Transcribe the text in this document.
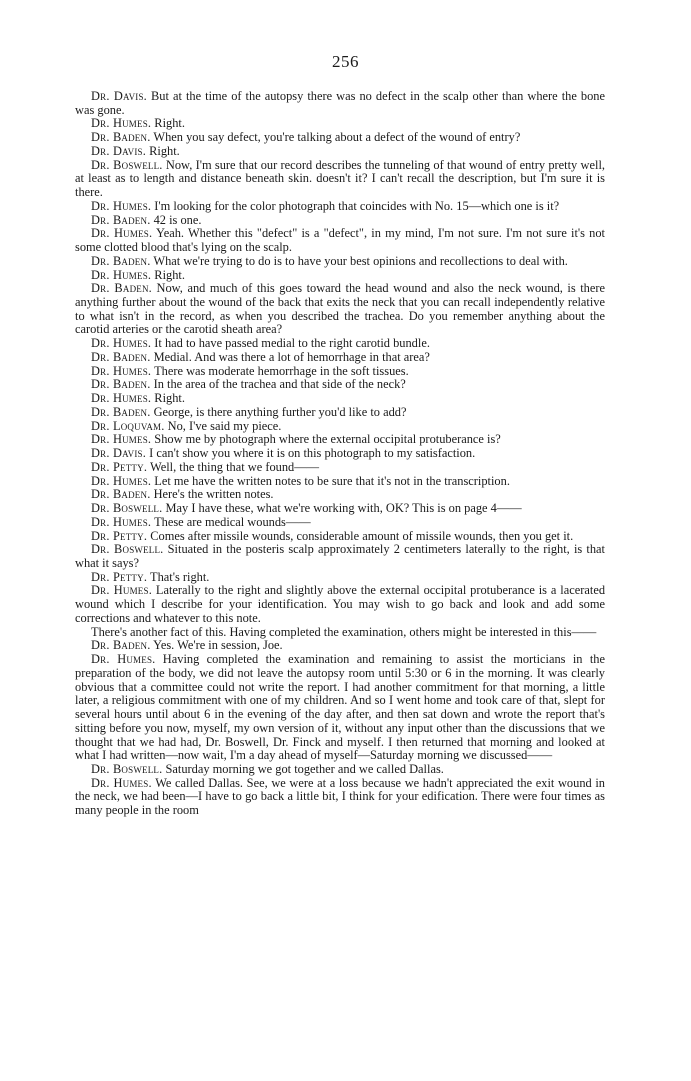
256

Dr. Davis. But at the time of the autopsy there was no defect in the scalp other than where the bone was gone.

Dr. Humes. Right.

Dr. Baden. When you say defect, you're talking about a defect of the wound of entry?

Dr. Davis. Right.

Dr. Boswell. Now, I'm sure that our record describes the tunneling of that wound of entry pretty well, at least as to length and distance beneath skin. doesn't it? I can't recall the description, but I'm sure it is there.

Dr. Humes. I'm looking for the color photograph that coincides with No. 15—which one is it?

Dr. Baden. 42 is one.

Dr. Humes. Yeah. Whether this "defect" is a "defect", in my mind, I'm not sure. I'm not sure it's not some clotted blood that's lying on the scalp.

Dr. Baden. What we're trying to do is to have your best opinions and recollections to deal with.

Dr. Humes. Right.

Dr. Baden. Now, and much of this goes toward the head wound and also the neck wound, is there anything further about the wound of the back that exits the neck that you can recall independently relative to what isn't in the record, as when you described the trachea. Do you remember anything about the carotid arteries or the carotid sheath area?

Dr. Humes. It had to have passed medial to the right carotid bundle.

Dr. Baden. Medial. And was there a lot of hemorrhage in that area?

Dr. Humes. There was moderate hemorrhage in the soft tissues.

Dr. Baden. In the area of the trachea and that side of the neck?

Dr. Humes. Right.

Dr. Baden. George, is there anything further you'd like to add?

Dr. Loquvam. No, I've said my piece.

Dr. Humes. Show me by photograph where the external occipital protuberance is?

Dr. Davis. I can't show you where it is on this photograph to my satisfaction.

Dr. Petty. Well, the thing that we found——

Dr. Humes. Let me have the written notes to be sure that it's not in the transcription.

Dr. Baden. Here's the written notes.

Dr. Boswell. May I have these, what we're working with, OK? This is on page 4——

Dr. Humes. These are medical wounds——

Dr. Petty. Comes after missile wounds, considerable amount of missile wounds, then you get it.

Dr. Boswell. Situated in the posteris scalp approximately 2 centimeters laterally to the right, is that what it says?

Dr. Petty. That's right.

Dr. Humes. Laterally to the right and slightly above the external occipital protuberance is a lacerated wound which I describe for your identification. You may wish to go back and look and add some corrections and whatever to this note.

There's another fact of this. Having completed the examination, others might be interested in this——

Dr. Baden. Yes. We're in session, Joe.

Dr. Humes. Having completed the examination and remaining to assist the morticians in the preparation of the body, we did not leave the autopsy room until 5:30 or 6 in the morning. It was clearly obvious that a committee could not write the report. I had another commitment for that morning, a little later, a religious commitment with one of my children. And so I went home and took care of that, slept for several hours until about 6 in the evening of the day after, and then sat down and wrote the report that's sitting before you now, myself, my own version of it, without any input other than the discussions that we thought that we had had, Dr. Boswell, Dr. Finck and myself. I then returned that morning and looked at what I had written—now wait, I'm a day ahead of myself—Saturday morning we discussed——

Dr. Boswell. Saturday morning we got together and we called Dallas.

Dr. Humes. We called Dallas. See, we were at a loss because we hadn't appreciated the exit wound in the neck, we had been—I have to go back a little bit, I think for your edification. There were four times as many people in the room
